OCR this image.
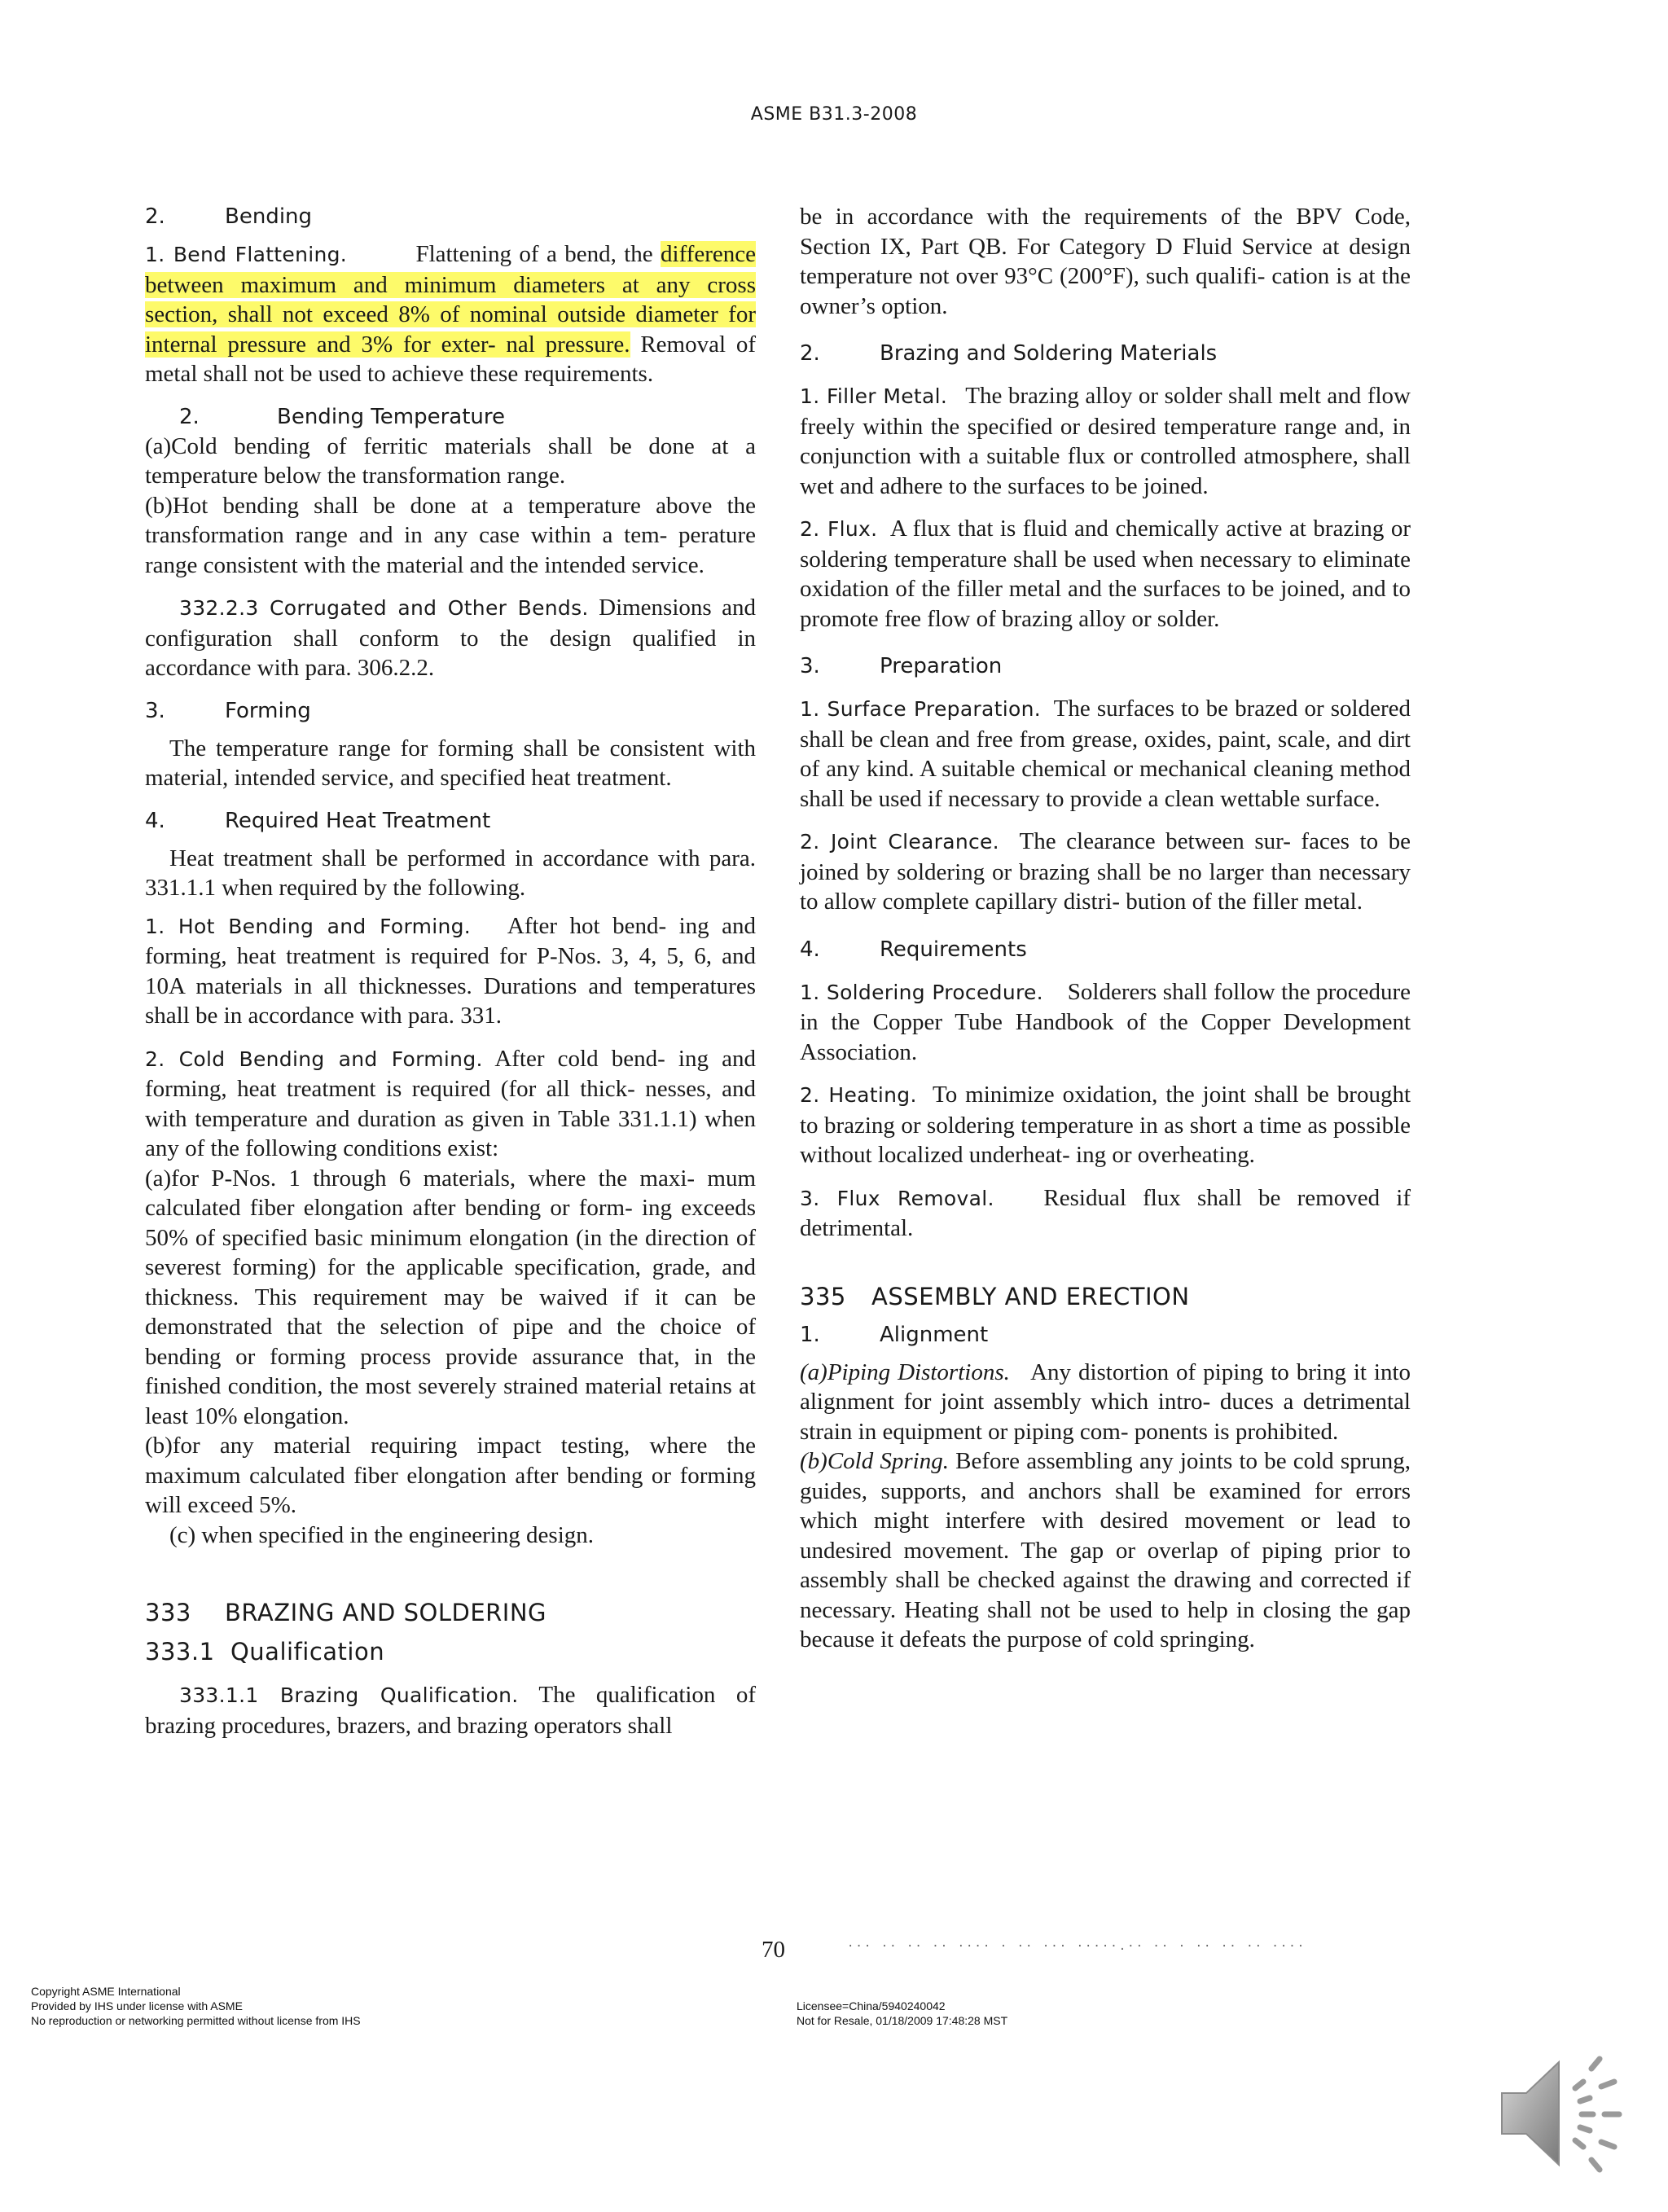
ASME B31.3-2008
2.	Bending

1. Bend Flattening.	Flattening of a bend, the difference between maximum and minimum diameters at any cross section, shall not exceed 8% of nominal outside diameter for internal pressure and 3% for exter- nal pressure. Removal of metal shall not be used to achieve these requirements.

2.	Bending Temperature

(a)Cold bending of ferritic materials shall be done at a temperature below the transformation range.

(b)Hot bending shall be done at a temperature above the transformation range and in any case within a tem- perature range consistent with the material and the intended service.

332.2.3 Corrugated and Other Bends. Dimensions and configuration shall conform to the design qualified in accordance with para. 306.2.2.

3.	Forming

The temperature range for forming shall be consistent with material, intended service, and specified heat treatment.

4.	Required Heat Treatment

Heat treatment shall be performed in accordance with para. 331.1.1 when required by the following.

1. Hot Bending and Forming. After hot bend- ing and forming, heat treatment is required for P-Nos. 3, 4, 5, 6, and 10A materials in all thicknesses. Durations and temperatures shall be in accordance with para. 331.

2. Cold Bending and Forming. After cold bend- ing and forming, heat treatment is required (for all thick- nesses, and with temperature and duration as given in Table 331.1.1) when any of the following conditions exist:

(a)for P-Nos. 1 through 6 materials, where the maxi- mum calculated fiber elongation after bending or form- ing exceeds 50% of specified basic minimum elongation (in the direction of severest forming) for the applicable specification, grade, and thickness. This requirement may be waived if it can be demonstrated that the selection of pipe and the choice of bending or forming process provide assurance that, in the finished condition, the most severely strained material retains at least 10% elongation.

(b)for any material requiring impact testing, where the maximum calculated fiber elongation after bending or forming will exceed 5%.

(c) when specified in the engineering design.

333 BRAZING AND SOLDERING
333.1 Qualification

333.1.1 Brazing Qualification. The qualification of brazing procedures, brazers, and brazing operators shall

be in accordance with the requirements of the BPV Code, Section IX, Part QB. For Category D Fluid Service at design temperature not over 93°C (200°F), such qualifi- cation is at the owner’s option.

2.	Brazing and Soldering Materials

1. Filler Metal. The brazing alloy or solder shall melt and flow freely within the specified or desired temperature range and, in conjunction with a suitable flux or controlled atmosphere, shall wet and adhere to the surfaces to be joined.

2. Flux. A flux that is fluid and chemically active at brazing or soldering temperature shall be used when necessary to eliminate oxidation of the filler metal and the surfaces to be joined, and to promote free flow of brazing alloy or solder.

3.	Preparation

1. Surface Preparation. The surfaces to be brazed or soldered shall be clean and free from grease, oxides, paint, scale, and dirt of any kind. A suitable chemical or mechanical cleaning method shall be used if necessary to provide a clean wettable surface.

2. Joint Clearance. The clearance between sur- faces to be joined by soldering or brazing shall be no larger than necessary to allow complete capillary distri- bution of the filler metal.

4.	Requirements

1. Soldering Procedure. Solderers shall follow the procedure in the Copper Tube Handbook of the Copper Development Association.

2. Heating. To minimize oxidation, the joint shall be brought to brazing or soldering temperature in as short a time as possible without localized underheat- ing or overheating.

3. Flux Removal. Residual flux shall be removed if detrimental.

335 ASSEMBLY AND ERECTION
1.	Alignment

(a)Piping Distortions. Any distortion of piping to bring it into alignment for joint assembly which intro- duces a detrimental strain in equipment or piping com- ponents is prohibited.

(b)Cold Spring. Before assembling any joints to be cold sprung, guides, supports, and anchors shall be examined for errors which might interfere with desired movement or lead to undesired movement. The gap or overlap of piping prior to assembly shall be checked against the drawing and corrected if necessary. Heating shall not be used to help in closing the gap because it defeats the purpose of cold springing.

70	··· ·· ·· ·· ···· · ·· ··· ·····.·· ·· · ·· ·· ·· ····
Copyright ASME International
Provided by IHS under license with ASME
No reproduction or networking permitted without license from IHS
Licensee=China/5940240042
Not for Resale, 01/18/2009 17:48:28 MST
